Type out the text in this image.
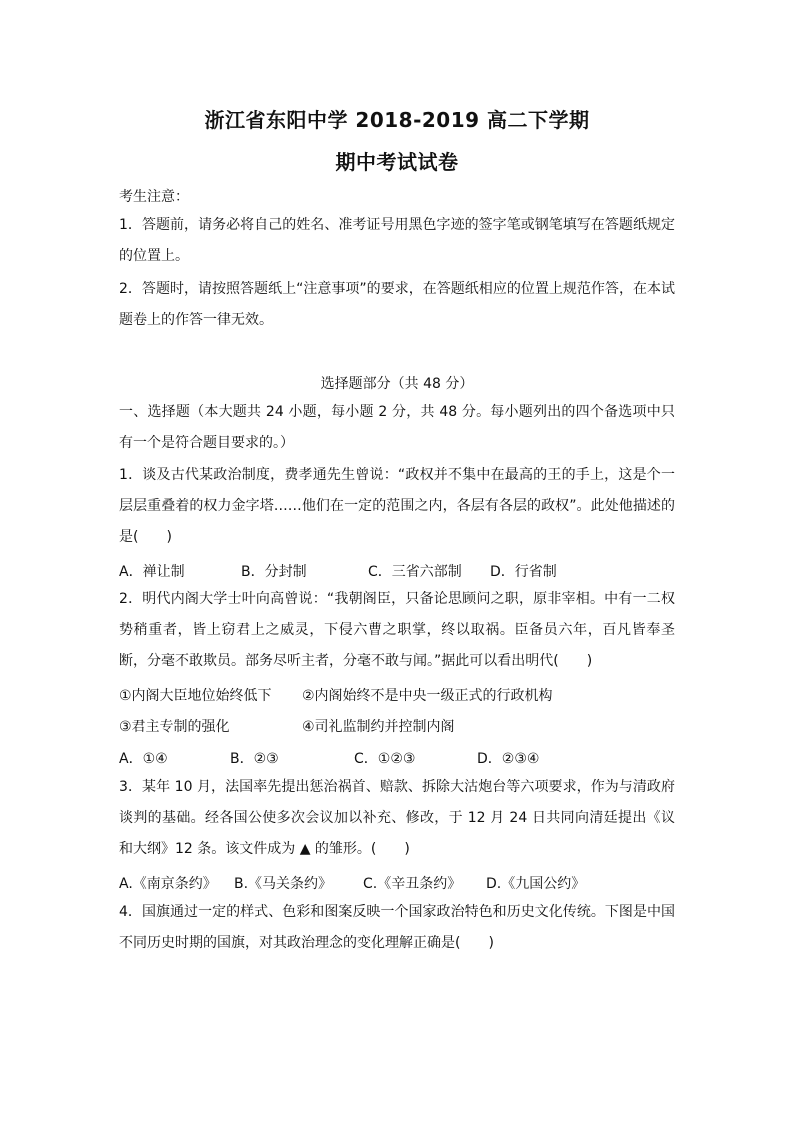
浙江省东阳中学 2018-2019 高二下学期
期中考试试卷
考生注意：
1．答题前，请务必将自己的姓名、准考证号用黑色字迹的签字笔或钢笔填写在答题纸规定的位置上。
2．答题时，请按照答题纸上“注意事项”的要求，在答题纸相应的位置上规范作答，在本试题卷上的作答一律无效。
选择题部分（共 48 分）
一、选择题（本大题共 24 小题，每小题 2 分，共 48 分。每小题列出的四个备选项中只有一个是符合题目要求的。）
1．谈及古代某政治制度，费孝通先生曾说：“政权并不集中在最高的王的手上，这是个一层层重叠着的权力金字塔……他们在一定的范围之内，各层有各层的政权”。此处他描述的是(　　)
A．禅让制	B．分封制	C．三省六部制 D．行省制
2．明代内阁大学士叶向高曾说：“我朝阁臣，只备论思顾问之职，原非宰相。中有一二权势稍重者，皆上窃君上之威灵，下侵六曹之职掌，终以取祸。臣备员六年，百凡皆奉圣断，分毫不敢欺员。部务尽听主者，分毫不敢与闻。”据此可以看出明代(　　)
①内阁大臣地位始终低下 ②内阁始终不是中央一级正式的行政机构
③君主专制的强化	④司礼监制约并控制内阁
A．①④	B．②③	C．①②③	D．②③④
3．某年 10 月，法国率先提出惩治祸首、赔款、拆除大沽炮台等六项要求，作为与清政府谈判的基础。经各国公使多次会议加以补充、修改，于 12 月 24 日共同向清廷提出《议和大纲》12 条。该文件成为 ▲ 的雏形。(　　)
A.《南京条约》 B.《马关条约》 C.《辛丑条约》 D.《九国公约》
4．国旗通过一定的样式、色彩和图案反映一个国家政治特色和历史文化传统。下图是中国不同历史时期的国旗，对其政治理念的变化理解正确是(　　)
